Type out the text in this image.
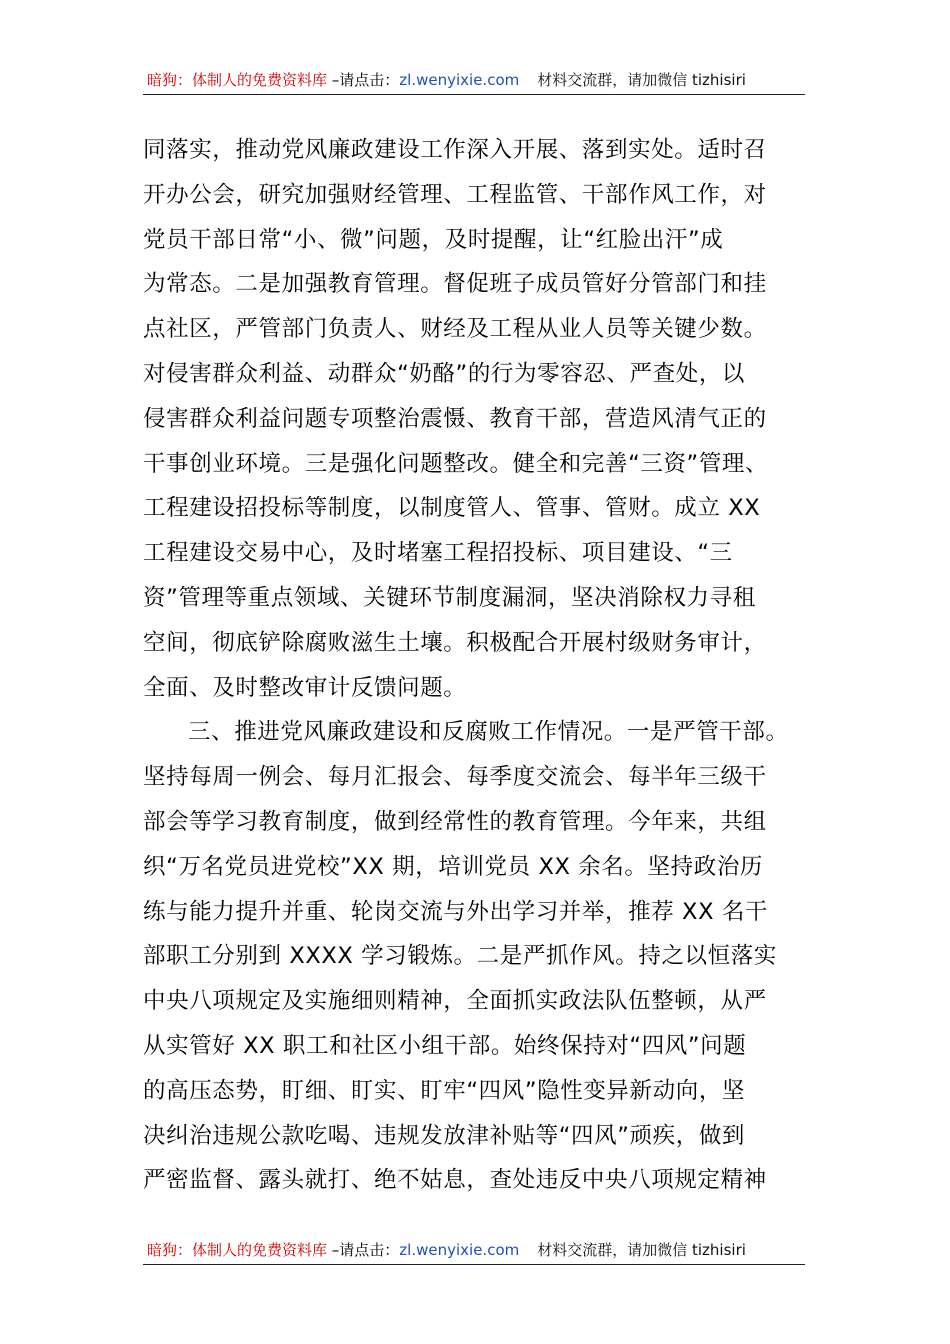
暗狗：体制人的免费资料库 –请点击：zl.wenyixie.com 材料交流群，请加微信 tizhisiri

同落实，推动党风廉政建设工作深入开展、落到实处。适时召
开办公会，研究加强财经管理、工程监管、干部作风工作，对
党员干部日常“小、微”问题，及时提醒，让“红脸出汗”成
为常态。二是加强教育管理。督促班子成员管好分管部门和挂
点社区，严管部门负责人、财经及工程从业人员等关键少数。
对侵害群众利益、动群众“奶酪”的行为零容忍、严查处，以
侵害群众利益问题专项整治震慑、教育干部，营造风清气正的
干事创业环境。三是强化问题整改。健全和完善“三资”管理、
工程建设招投标等制度，以制度管人、管事、管财。成立 XX
工程建设交易中心，及时堵塞工程招投标、项目建设、“三
资”管理等重点领域、关键环节制度漏洞，坚决消除权力寻租
空间，彻底铲除腐败滋生土壤。积极配合开展村级财务审计，
全面、及时整改审计反馈问题。

三、推进党风廉政建设和反腐败工作情况。一是严管干部。
坚持每周一例会、每月汇报会、每季度交流会、每半年三级干
部会等学习教育制度，做到经常性的教育管理。今年来，共组
织“万名党员进党校”XX 期，培训党员 XX 余名。坚持政治历
练与能力提升并重、轮岗交流与外出学习并举，推荐 XX 名干
部职工分别到 XXXX 学习锻炼。二是严抓作风。持之以恒落实
中央八项规定及实施细则精神，全面抓实政法队伍整顿，从严
从实管好 XX 职工和社区小组干部。始终保持对“四风”问题
的高压态势，盯细、盯实、盯牢“四风”隐性变异新动向，坚
决纠治违规公款吃喝、违规发放津补贴等“四风”顽疾，做到
严密监督、露头就打、绝不姑息，查处违反中央八项规定精神

暗狗：体制人的免费资料库 –请点击：zl.wenyixie.com 材料交流群，请加微信 tizhisiri
